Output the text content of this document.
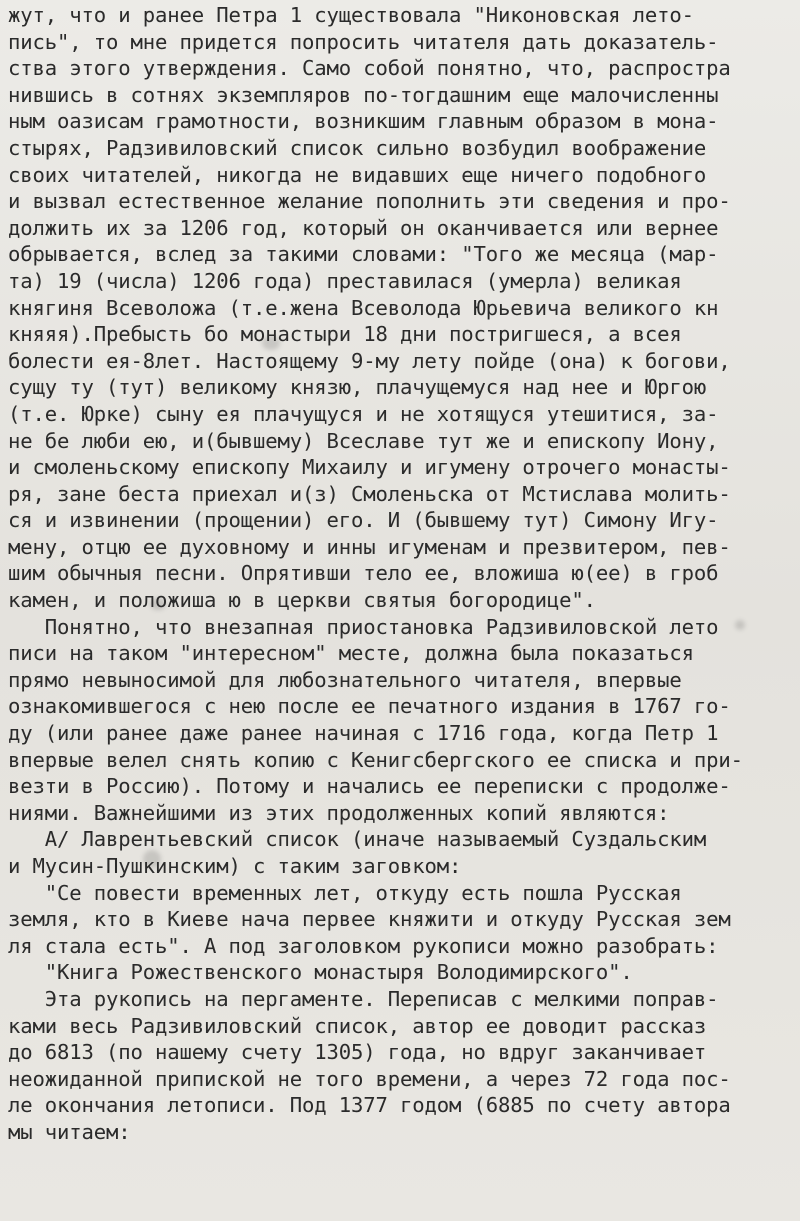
жут, что и ранее Петра 1 существовала "Никоновская лето-
пись", то мне придется попросить читателя дать доказатель-
ства этого утверждения. Само собой понятно, что, распростра
нившись в сотнях экземпляров по-тогдашним еще малочисленны
ным оазисам грамотности, возникшим главным образом в мона-
стырях, Радзивиловский список сильно возбудил воображение
своих читателей, никогда не видавших еще ничего подобного
и вызвал естественное желание пополнить эти сведения и про-
должить их за 1206 год, который он оканчивается или вернее
обрывается, вслед за такими словами: "Того же месяца (мар-
та) 19 (числа) 1206 года) преставилася (умерла) великая
княгиня Всеволожа (т.е.жена Всеволода Юрьевича великого кн
княяя).Пребысть бо монастыри 18 дни постригшеся, а всея
болести ея-8лет. Настоящему 9-му лету пойде (она) к богови,
сущу ту (тут) великому князю, плачущемуся над нее и Юргою
(т.е. Юрке) сыну ея плачущуся и не хотящуся утешитися, за-
не бе люби ею, и(бывшему) Всеславе тут же и епископу Иону,
и смоленьскому епископу Михаилу и игумену отрочего монасты-
ря, зане беста приехал и(з) Смоленьска от Мстислава молить-
ся и извинении (прощении) его. И (бывшему тут) Симону Игу-
мену, отцю ее духовному и инны игуменам и презвитером, пев-
шим обычныя песни. Опрятивши тело ее, вложиша ю(ее) в гроб
камен, и положиша ю в церкви святыя богородице".
Понятно, что внезапная приостановка Радзивиловской лето
писи на таком "интересном" месте, должна была показаться
прямо невыносимой для любознательного читателя, впервые
ознакомившегося с нею после ее печатного издания в 1767 го-
ду (или ранее даже ранее начиная с 1716 года, когда Петр 1
впервые велел снять копию с Кенигсбергского ее списка и при-
везти в Россию). Потому и начались ее переписки с продолже-
ниями. Важнейшими из этих продолженных копий являются:
А/ Лаврентьевский список (иначе называемый Суздальским
и Мусин-Пушкинским) с таким заговком:
"Се повести временных лет, откуду есть пошла Русская
земля, кто в Киеве нача первее княжити и откуду Русская зем
ля стала есть". А под заголовком рукописи можно разобрать:
"Книга Рожественского монастыря Володимирского".
Эта рукопись на пергаменте. Переписав с мелкими поправ-
ками весь Радзивиловский список, автор ее доводит рассказ
до 6813 (по нашему счету 1305) года, но вдруг заканчивает
неожиданной припиской не того времени, а через 72 года пос-
ле окончания летописи. Под 1377 годом (6885 по счету автора
мы читаем:
